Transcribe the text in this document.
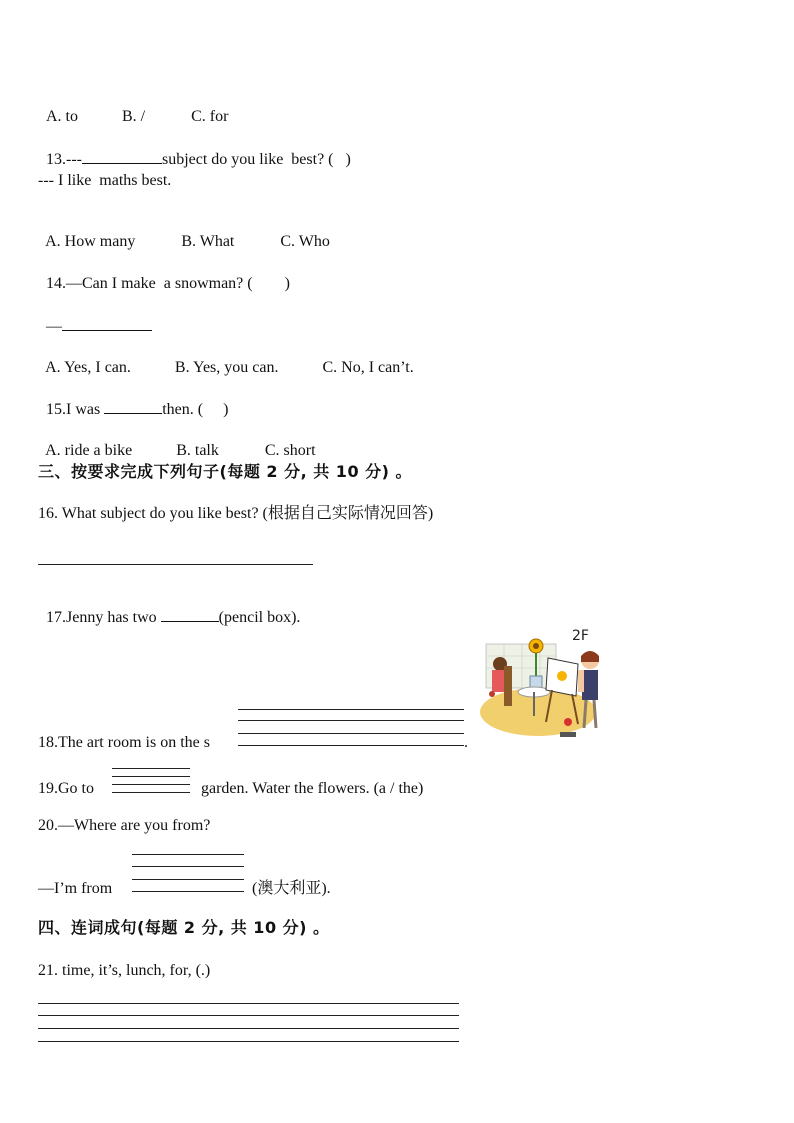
A. to	B. /	C. for

13.---	subject do you like  best? (   )

--- I like  maths best.

A. How many	B. What	C. Who

14.—Can I make  a snowman? (        )

—

A. Yes, I can.	B. Yes, you can.	C. No, I can’t.

15.I was	then. (     )

A. ride a bike	B. talk	C. short

三、按要求完成下列句子(每题 2 分, 共 10 分) 。
16. What subject do you like best? (根据自己实际情况回答)

17.Jenny has two	(pencil box).

2F
18.The art room is on the s	.
19.Go to	garden. Water the flowers. (a / the)
20.—Where are you from?
—I’m from	(澳大利亚).
四、连词成句(每题 2 分, 共 10 分) 。
21. time, it’s, lunch, for, (.)
